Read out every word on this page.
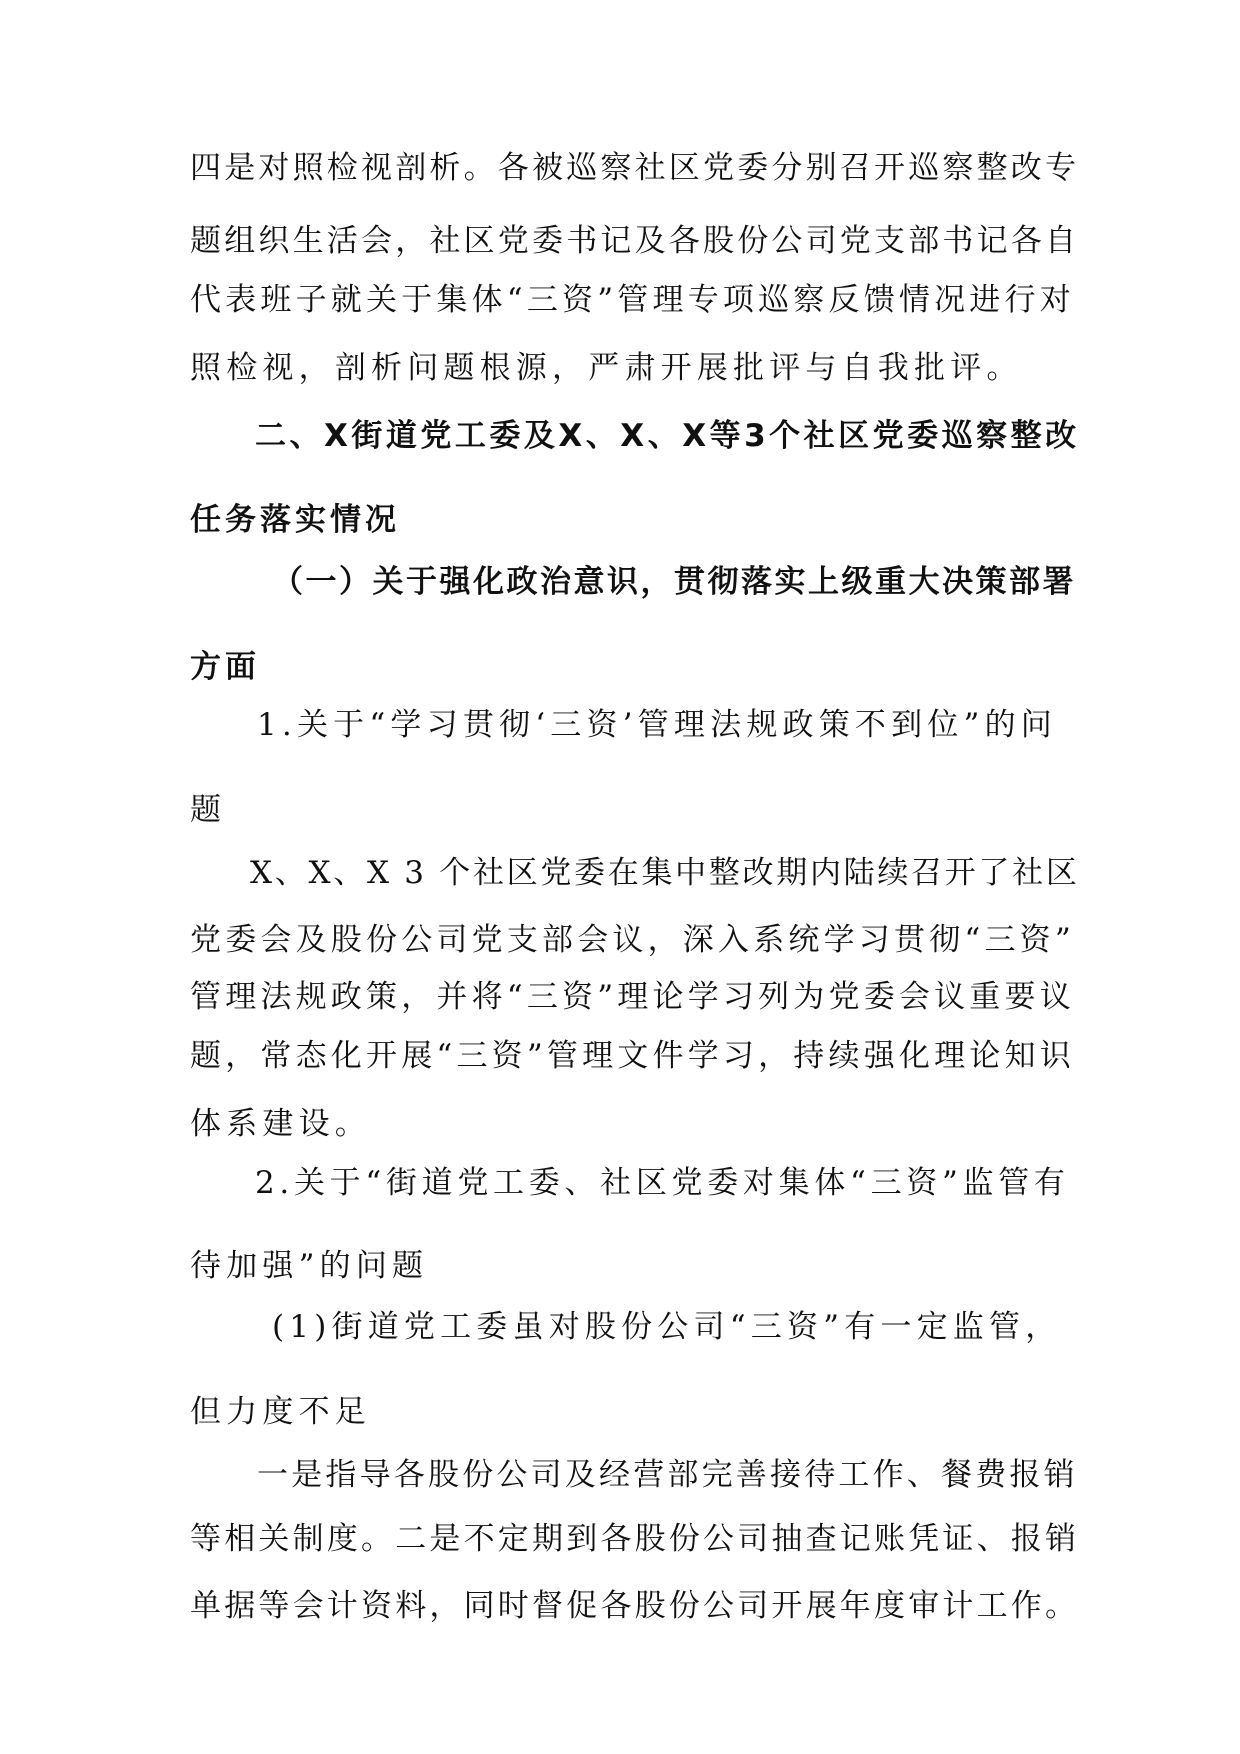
四是对照检视剖析。各被巡察社区党委分别召开巡察整改专
题组织生活会，社区党委书记及各股份公司党支部书记各自
代表班子就关于集体“三资”管理专项巡察反馈情况进行对
照检视，剖析问题根源，严肃开展批评与自我批评。
二、X街道党工委及X、X、X等3个社区党委巡察整改
任务落实情况
（一）关于强化政治意识，贯彻落实上级重大决策部署
方面
1.关于“学习贯彻‘三资’管理法规政策不到位”的问
题
X、X、X 3 个社区党委在集中整改期内陆续召开了社区
党委会及股份公司党支部会议，深入系统学习贯彻“三资”
管理法规政策，并将“三资”理论学习列为党委会议重要议
题，常态化开展“三资”管理文件学习，持续强化理论知识
体系建设。
2.关于“街道党工委、社区党委对集体“三资”监管有
待加强”的问题
(1)街道党工委虽对股份公司“三资”有一定监管，
但力度不足
一是指导各股份公司及经营部完善接待工作、餐费报销
等相关制度。二是不定期到各股份公司抽查记账凭证、报销
单据等会计资料，同时督促各股份公司开展年度审计工作。
